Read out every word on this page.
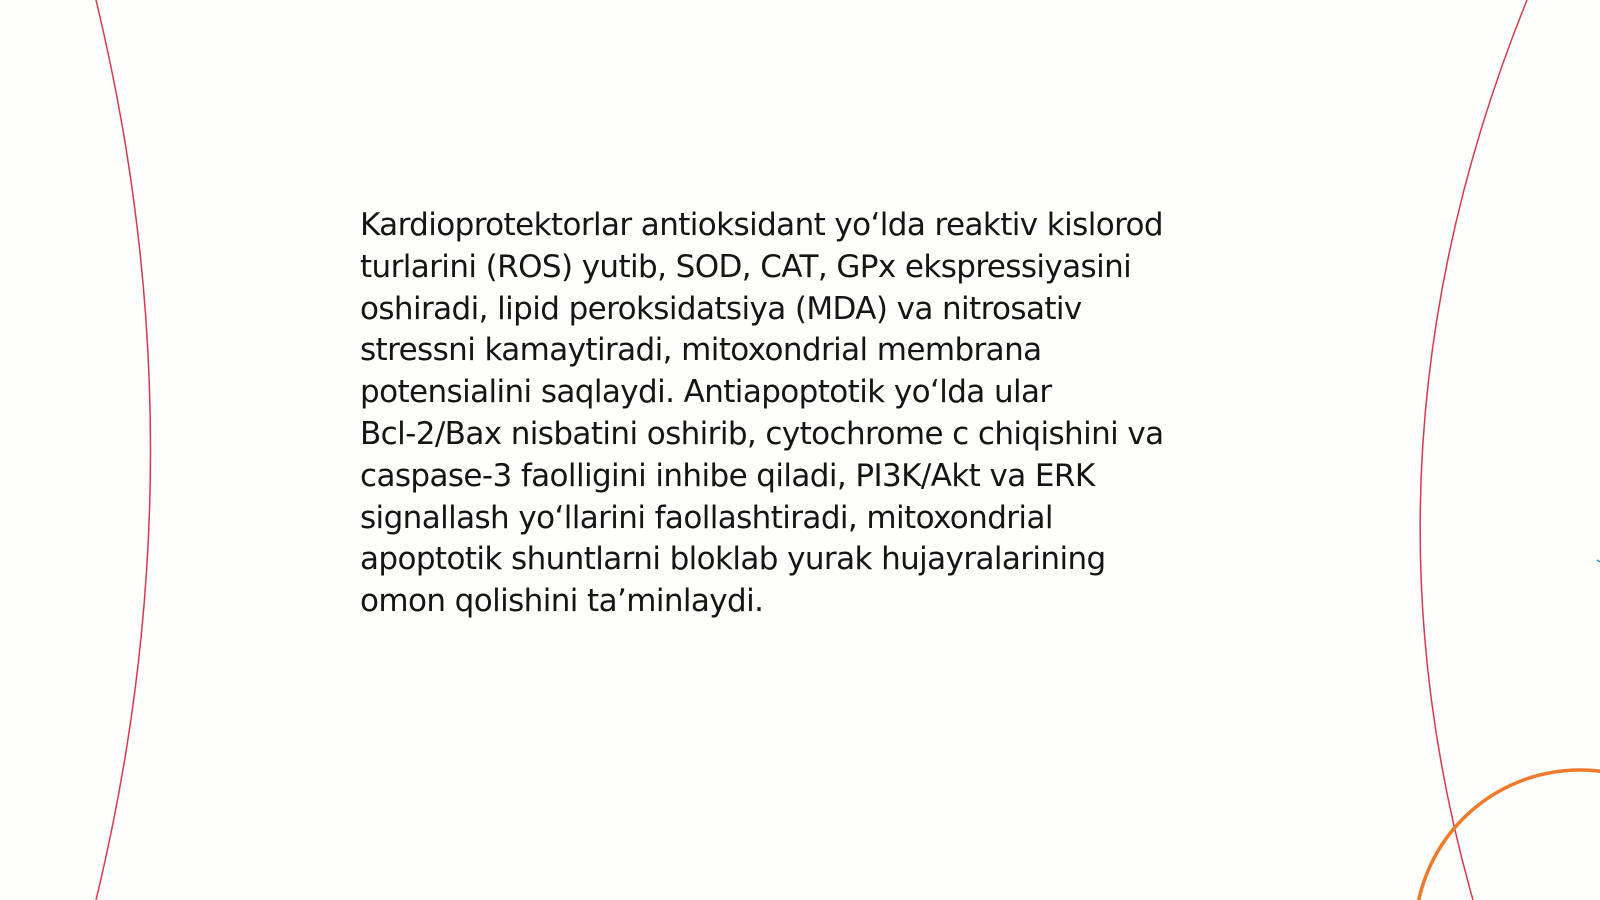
Kardioprotektorlar antioksidant yo‘lda reaktiv kislorod
turlarini (ROS) yutib, SOD, CAT, GPx ekspressiyasini
oshiradi, lipid peroksidatsiya (MDA) va nitrosativ
stressni kamaytiradi, mitoxondrial membrana
potensialini saqlaydi. Antiapoptotik yo‘lda ular
Bcl-2/Bax nisbatini oshirib, cytochrome c chiqishini va
caspase-3 faolligini inhibe qiladi, PI3K/Akt va ERK
signallash yo‘llarini faollashtiradi, mitoxondrial
apoptotik shuntlarni bloklab yurak hujayralarining
omon qolishini ta’minlaydi.
